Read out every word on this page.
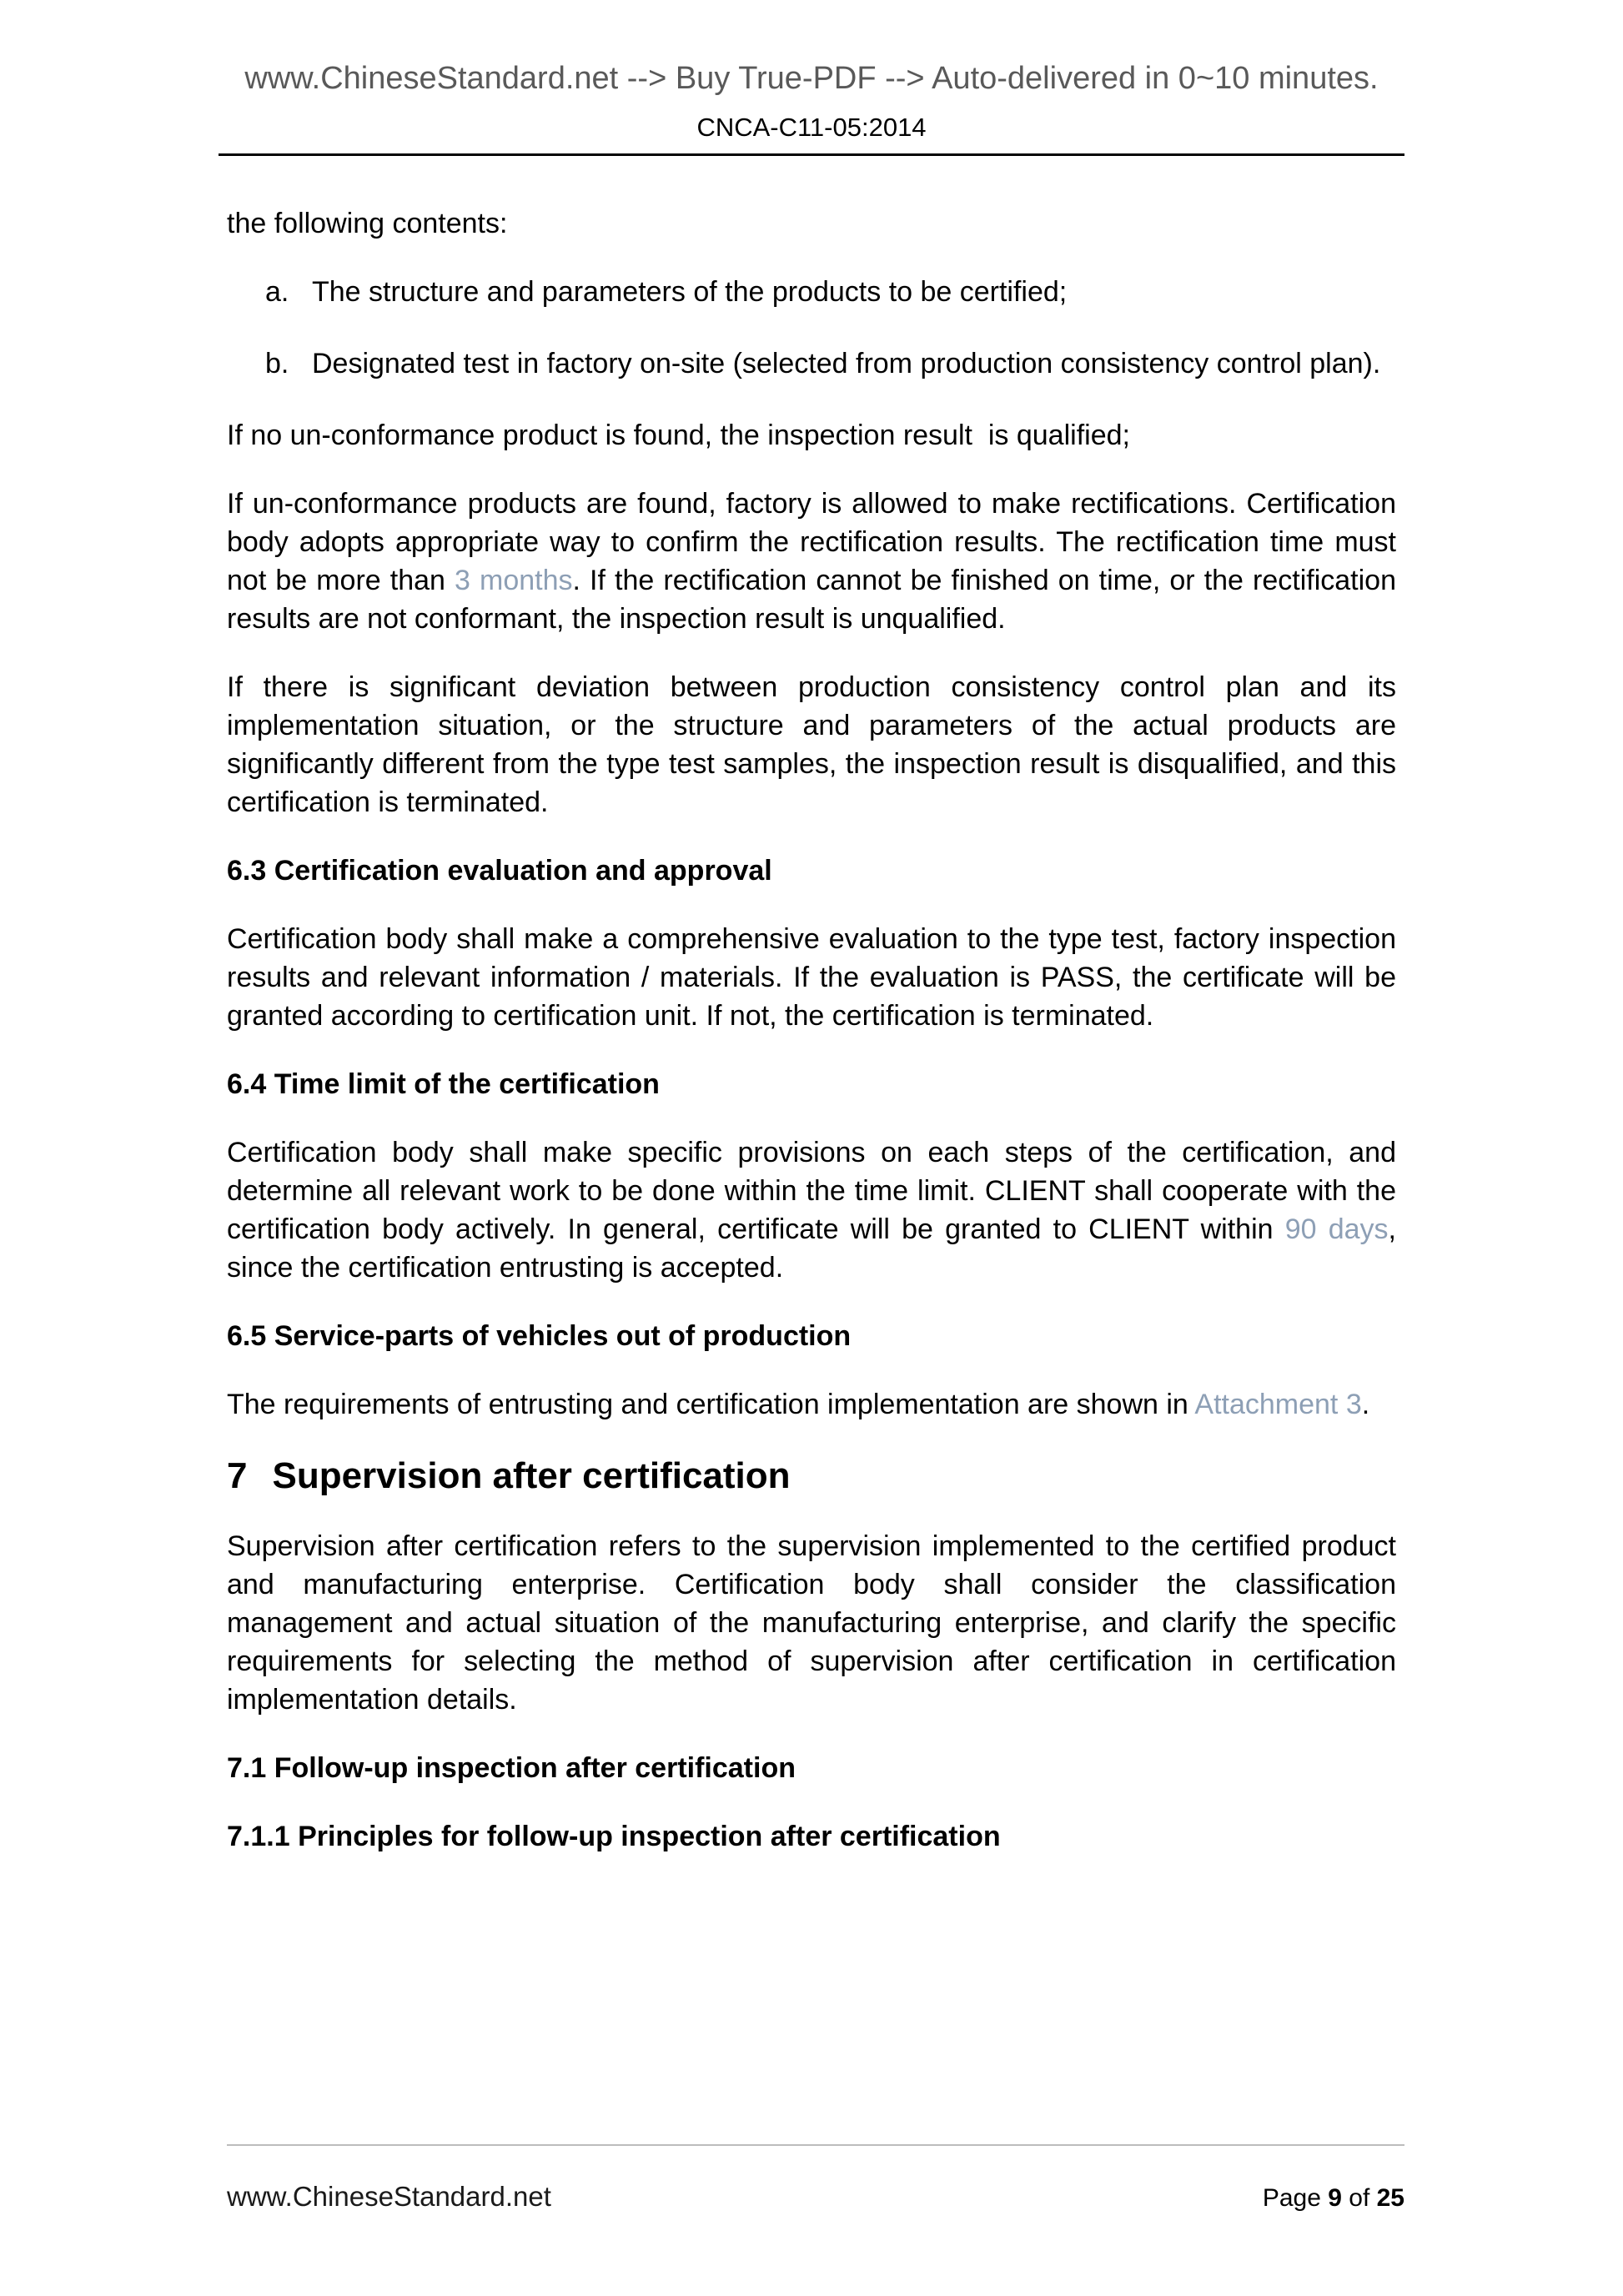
www.ChineseStandard.net --> Buy True-PDF --> Auto-delivered in 0~10 minutes.
CNCA-C11-05:2014

the following contents:

a. The structure and parameters of the products to be certified;
b. Designated test in factory on-site (selected from production consistency control plan).

If no un-conformance product is found, the inspection result  is qualified;

If un-conformance products are found, factory is allowed to make rectifications. Certification body adopts appropriate way to confirm the rectification results. The rectification time must not be more than 3 months. If the rectification cannot be finished on time, or the rectification results are not conformant, the inspection result is unqualified.

If there is significant deviation between production consistency control plan and its implementation situation, or the structure and parameters of the actual products are significantly different from the type test samples, the inspection result is disqualified, and this certification is terminated.

6.3 Certification evaluation and approval

Certification body shall make a comprehensive evaluation to the type test, factory inspection results and relevant information / materials. If the evaluation is PASS, the certificate will be granted according to certification unit. If not, the certification is terminated.

6.4 Time limit of the certification

Certification body shall make specific provisions on each steps of the certification, and determine all relevant work to be done within the time limit. CLIENT shall cooperate with the certification body actively. In general, certificate will be granted to CLIENT within 90 days, since the certification entrusting is accepted.

6.5 Service-parts of vehicles out of production

The requirements of entrusting and certification implementation are shown in Attachment 3.

7 Supervision after certification

Supervision after certification refers to the supervision implemented to the certified product and manufacturing enterprise. Certification body shall consider the classification management and actual situation of the manufacturing enterprise, and clarify the specific requirements for selecting the method of supervision after certification in certification implementation details.

7.1 Follow-up inspection after certification
7.1.1 Principles for follow-up inspection after certification
www.ChineseStandard.net	Page 9 of 25
